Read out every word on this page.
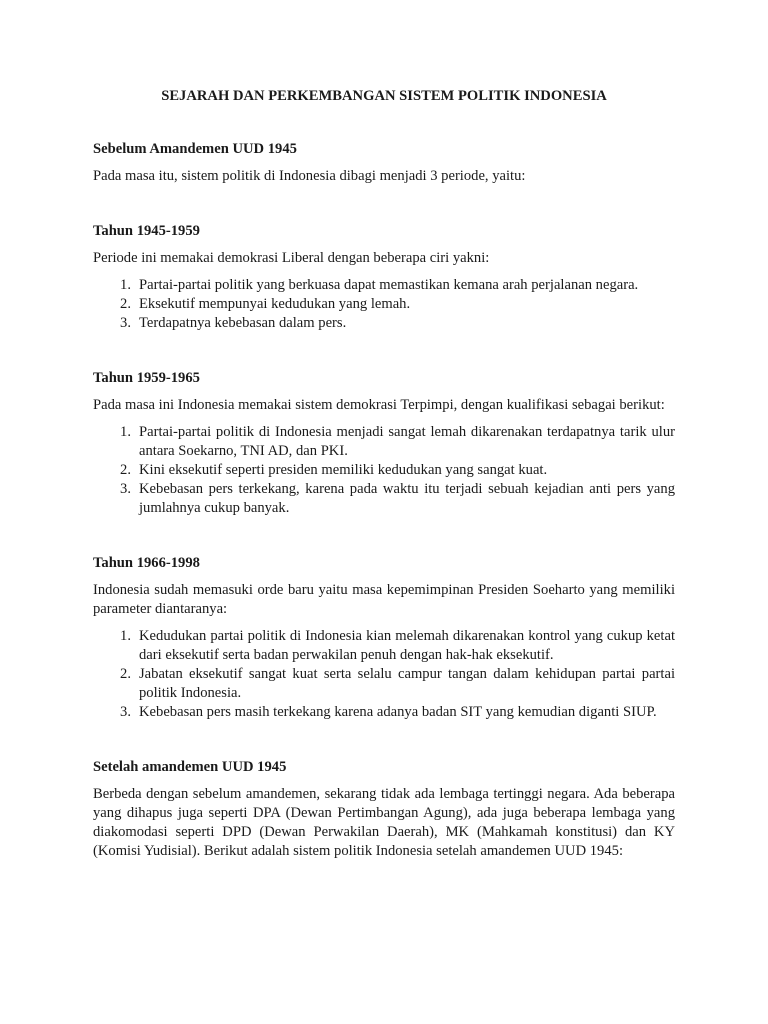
SEJARAH DAN PERKEMBANGAN SISTEM POLITIK INDONESIA
Sebelum Amandemen UUD 1945
Pada masa itu, sistem politik di Indonesia dibagi menjadi 3 periode, yaitu:
Tahun 1945-1959
Periode ini memakai demokrasi Liberal dengan beberapa ciri yakni:
1. Partai-partai politik yang berkuasa dapat memastikan kemana arah perjalanan negara.
2. Eksekutif mempunyai kedudukan yang lemah.
3. Terdapatnya kebebasan dalam pers.
Tahun 1959-1965
Pada masa ini Indonesia memakai sistem demokrasi Terpimpi, dengan kualifikasi sebagai berikut:
1. Partai-partai politik di Indonesia menjadi sangat lemah dikarenakan terdapatnya tarik ulur antara Soekarno, TNI AD, dan PKI.
2. Kini eksekutif seperti presiden memiliki kedudukan yang sangat kuat.
3. Kebebasan pers terkekang, karena pada waktu itu terjadi sebuah kejadian anti pers yang jumlahnya cukup banyak.
Tahun 1966-1998
Indonesia sudah memasuki orde baru yaitu masa kepemimpinan Presiden Soeharto yang memiliki parameter diantaranya:
1. Kedudukan partai politik di Indonesia kian melemah dikarenakan kontrol yang cukup ketat dari eksekutif serta badan perwakilan penuh dengan hak-hak eksekutif.
2. Jabatan eksekutif sangat kuat serta selalu campur tangan dalam kehidupan partai partai politik Indonesia.
3. Kebebasan pers masih terkekang karena adanya badan SIT yang kemudian diganti SIUP.
Setelah amandemen UUD 1945
Berbeda dengan sebelum amandemen, sekarang tidak ada lembaga tertinggi negara. Ada beberapa yang dihapus juga seperti DPA (Dewan Pertimbangan Agung), ada juga beberapa lembaga yang diakomodasi seperti DPD (Dewan Perwakilan Daerah), MK (Mahkamah konstitusi) dan KY (Komisi Yudisial). Berikut adalah sistem politik Indonesia setelah amandemen UUD 1945:
